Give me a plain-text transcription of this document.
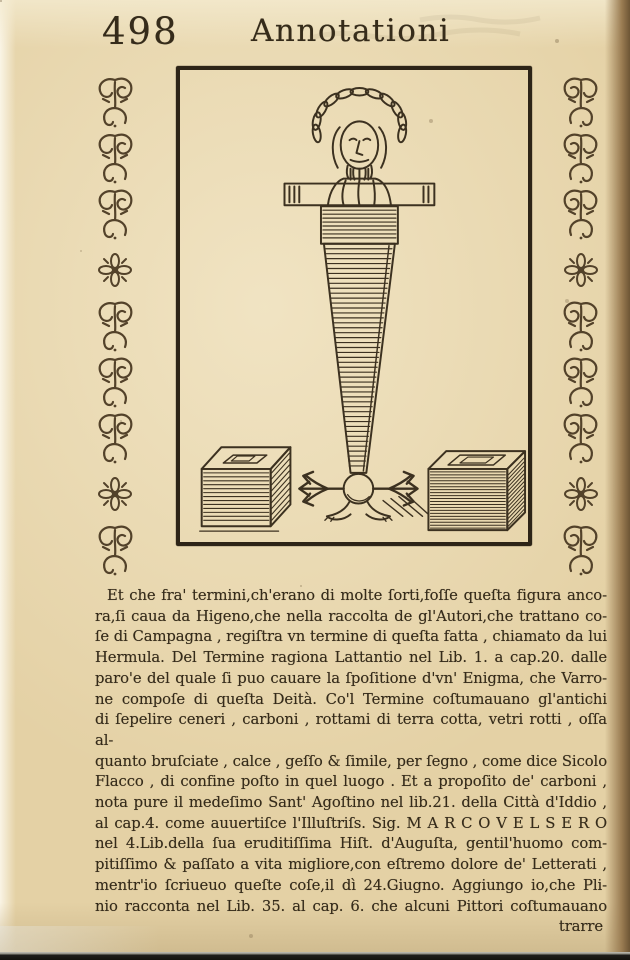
498 Annotationi
Et che fra' termini,ch'erano di molte ſorti,foſſe queſta figura anco-
ra,ſi caua da Higeno,che nella raccolta de gl'Autori,che trattano co-
ſe di Campagna , regiſtra vn termine di queſta fatta , chiamato da lui
Hermula. Del Termine ragiona Lattantio nel Lib. 1. a cap.20. dalle
paro'e del quale ſi puo cauare la ſpoſitione d'vn' Enigma, che Varro-
ne compoſe di queſta Deità. Co'l Termine coſtumauano gl'antichi
di ſepelire ceneri , carboni , rottami di terra cotta, vetri rotti , oſſa al-
quanto bruſciate , calce , geſſo & ſimile, per ſegno , come dice Sicolo
Flacco , di confine poſto in quel luogo . Et a propoſito de' carboni ,
nota pure il medeſimo Sant' Agoſtino nel lib.21. della Città d'Iddio ,
al cap.4. come auuertiſce l'Illuſtriſs. Sig. M A R C O V E L S E R O
nel 4.Lib.della ſua eruditiſſima Hiſt. d'Auguſta, gentil'huomo com-
pitiſſimo & paſſato a vita migliore,con eſtremo dolore de' Letterati ,
mentr'io ſcriueuo queſte coſe,il dì 24.Giugno. Aggiungo io,che Pli-
nio racconta nel Lib. 35. al cap. 6. che alcuni Pittori coſtumauano
trarre
